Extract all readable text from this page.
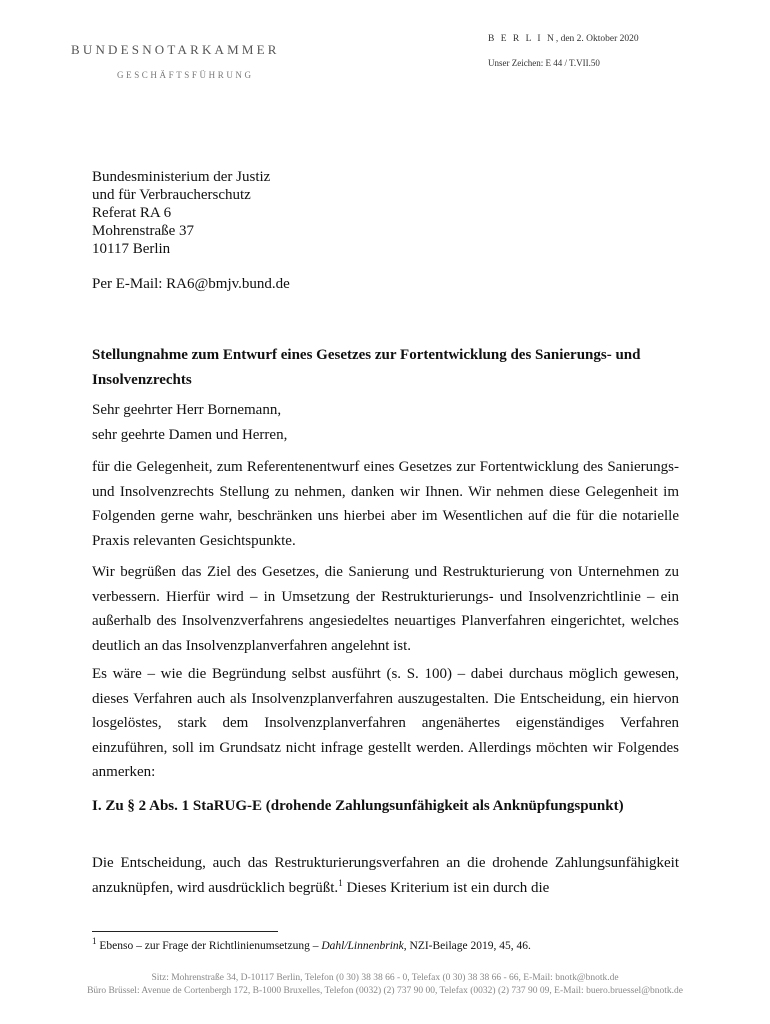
BUNDESNOTARKAMMER
GESCHÄFTSFÜHRUNG
B E R L I N, den 2. Oktober 2020
Unser Zeichen: E 44 / T.VII.50
Bundesministerium der Justiz
und für Verbraucherschutz
Referat RA 6
Mohrenstraße 37
10117 Berlin
Per E-Mail: RA6@bmjv.bund.de
Stellungnahme zum Entwurf eines Gesetzes zur Fortentwicklung des Sanierungs- und Insolvenzrechts
Sehr geehrter Herr Bornemann,
sehr geehrte Damen und Herren,
für die Gelegenheit, zum Referentenentwurf eines Gesetzes zur Fortentwicklung des Sanierungs- und Insolvenzrechts Stellung zu nehmen, danken wir Ihnen. Wir nehmen diese Gelegenheit im Folgenden gerne wahr, beschränken uns hierbei aber im Wesentlichen auf die für die notarielle Praxis relevanten Gesichtspunkte.
Wir begrüßen das Ziel des Gesetzes, die Sanierung und Restrukturierung von Unternehmen zu verbessern. Hierfür wird – in Umsetzung der Restrukturierungs- und Insolvenzrichtlinie – ein außerhalb des Insolvenzverfahrens angesiedeltes neuartiges Planverfahren eingerichtet, welches deutlich an das Insolvenzplanverfahren angelehnt ist.
Es wäre – wie die Begründung selbst ausführt (s. S. 100) – dabei durchaus möglich gewesen, dieses Verfahren auch als Insolvenzplanverfahren auszugestalten. Die Entscheidung, ein hiervon losgelöstes, stark dem Insolvenzplanverfahren angenähertes eigenständiges Verfahren einzuführen, soll im Grundsatz nicht infrage gestellt werden. Allerdings möchten wir Folgendes anmerken:
I. Zu § 2 Abs. 1 StaRUG-E (drohende Zahlungsunfähigkeit als Anknüpfungspunkt)
Die Entscheidung, auch das Restrukturierungsverfahren an die drohende Zahlungsunfähigkeit anzuknüpfen, wird ausdrücklich begrüßt.$^1$ Dieses Kriterium ist ein durch die
$^1$ Ebenso – zur Frage der Richtlinienumsetzung – Dahl/Linnenbrink, NZI-Beilage 2019, 45, 46.
Sitz: Mohrenstraße 34, D-10117 Berlin, Telefon (0 30) 38 38 66 - 0, Telefax (0 30) 38 38 66 - 66, E-Mail: bnotk@bnotk.de
Büro Brüssel: Avenue de Cortenbergh 172, B-1000 Bruxelles, Telefon (0032) (2) 737 90 00, Telefax (0032) (2) 737 90 09, E-Mail: buero.bruessel@bnotk.de
